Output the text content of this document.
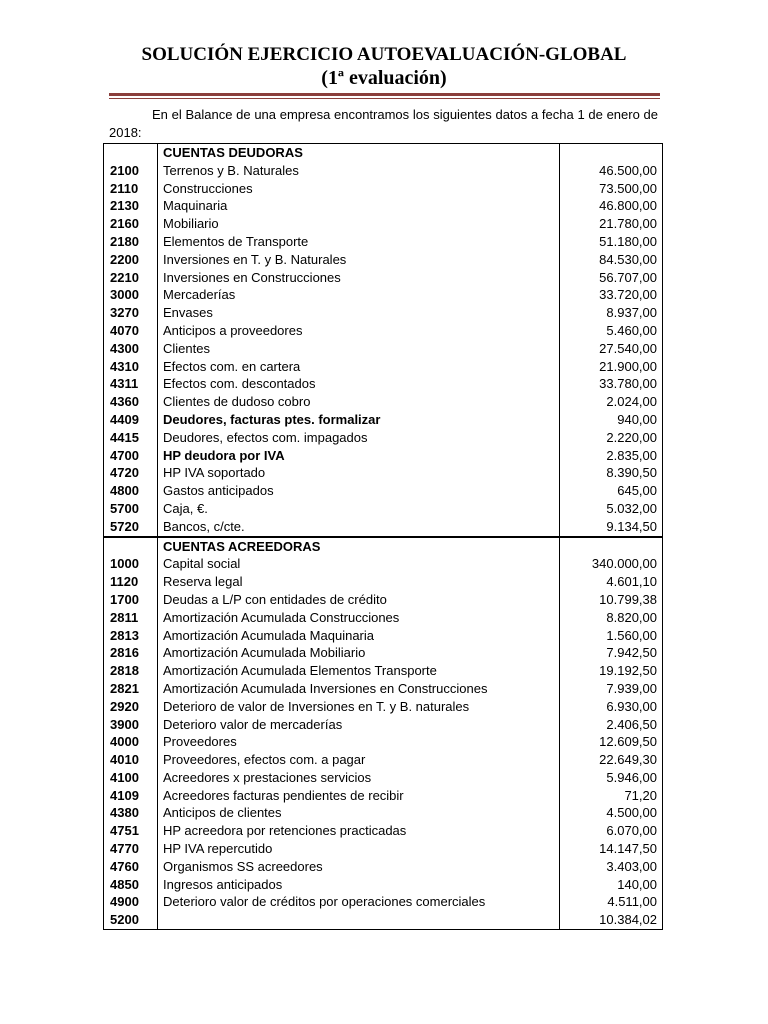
SOLUCIÓN EJERCICIO AUTOEVALUACIÓN-GLOBAL
(1ª evaluación)
En el Balance de una empresa encontramos los siguientes datos a fecha 1 de enero de 2018:
	CUENTAS DEUDORAS	
2100	Terrenos y B. Naturales	46.500,00
2110	Construcciones	73.500,00
2130	Maquinaria	46.800,00
2160	Mobiliario	21.780,00
2180	Elementos de Transporte	51.180,00
2200	Inversiones en T. y B. Naturales	84.530,00
2210	Inversiones en Construcciones	56.707,00
3000	Mercaderías	33.720,00
3270	Envases	8.937,00
4070	Anticipos a proveedores	5.460,00
4300	Clientes	27.540,00
4310	Efectos com. en cartera	21.900,00
4311	Efectos com. descontados	33.780,00
4360	Clientes de dudoso cobro	2.024,00
4409	Deudores, facturas ptes. formalizar	940,00
4415	Deudores, efectos com. impagados	2.220,00
4700	HP deudora por IVA	2.835,00
4720	HP IVA soportado	8.390,50
4800	Gastos anticipados	645,00
5700	Caja, €.	5.032,00
5720	Bancos, c/cte.	9.134,50
	CUENTAS ACREEDORAS	
1000	Capital social	340.000,00
1120	Reserva legal	4.601,10
1700	Deudas a L/P con entidades de crédito	10.799,38
2811	Amortización Acumulada Construcciones	8.820,00
2813	Amortización Acumulada Maquinaria	1.560,00
2816	Amortización Acumulada Mobiliario	7.942,50
2818	Amortización Acumulada Elementos Transporte	19.192,50
2821	Amortización Acumulada Inversiones en Construcciones	7.939,00
2920	Deterioro de valor de Inversiones en T. y B. naturales	6.930,00
3900	Deterioro valor de mercaderías	2.406,50
4000	Proveedores	12.609,50
4010	Proveedores, efectos com. a pagar	22.649,30
4100	Acreedores x prestaciones servicios	5.946,00
4109	Acreedores facturas pendientes de recibir	71,20
4380	Anticipos de clientes	4.500,00
4751	HP acreedora por retenciones practicadas	6.070,00
4770	HP IVA repercutido	14.147,50
4760	Organismos SS acreedores	3.403,00
4850	Ingresos anticipados	140,00
4900	Deterioro valor de créditos por operaciones comerciales	4.511,00
5200		10.384,02
